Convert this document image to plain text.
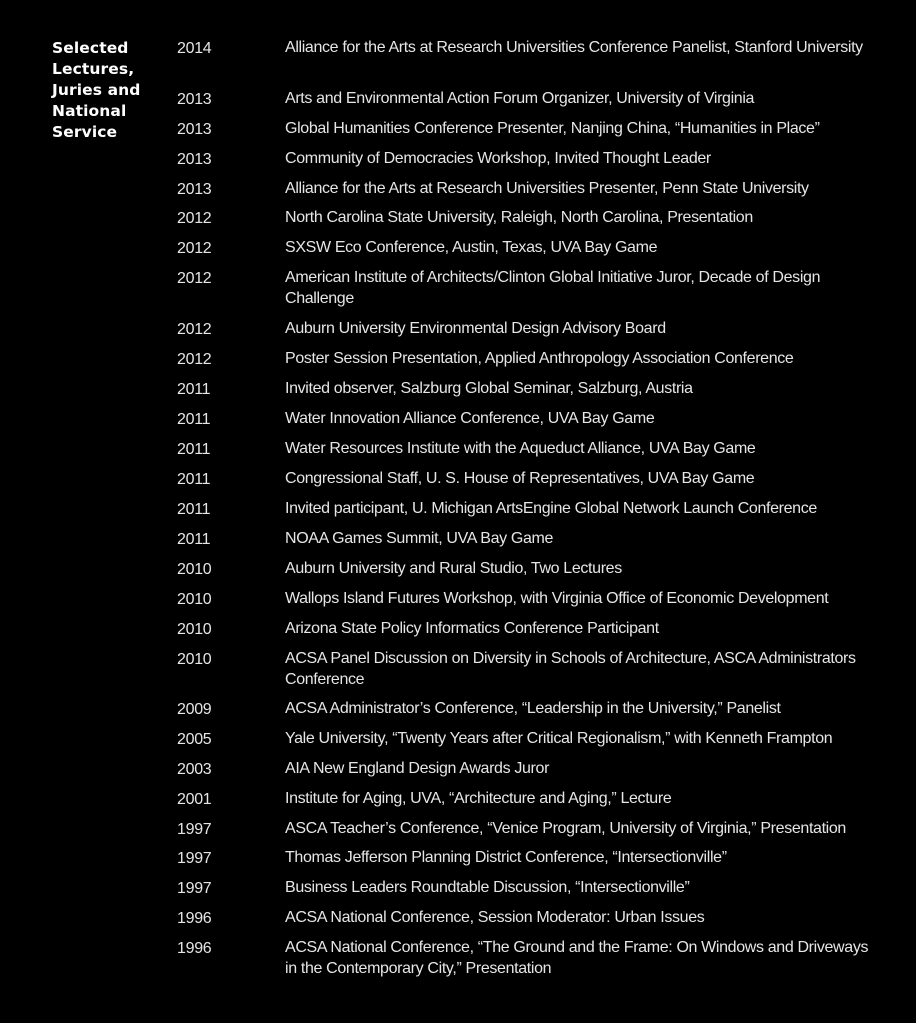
Selected
Lectures,
Juries and
National
Service
2014	Alliance for the Arts at Research Universities Conference Panelist, Stanford University
2013	Arts and Environmental Action Forum Organizer, University of Virginia
2013	Global Humanities Conference Presenter, Nanjing China, “Humanities in Place”
2013	Community of Democracies Workshop, Invited Thought Leader
2013	Alliance for the Arts at Research Universities Presenter, Penn State University
2012	North Carolina State University, Raleigh, North Carolina, Presentation
2012	SXSW Eco Conference, Austin, Texas, UVA Bay Game
2012	American Institute of Architects/Clinton Global Initiative Juror, Decade of Design Challenge
2012	Auburn University Environmental Design Advisory Board
2012	Poster Session Presentation, Applied Anthropology Association Conference
2011	Invited observer, Salzburg Global Seminar, Salzburg, Austria
2011	Water Innovation Alliance Conference, UVA Bay Game
2011	Water Resources Institute with the Aqueduct Alliance, UVA Bay Game
2011	Congressional Staff, U. S. House of Representatives, UVA Bay Game
2011	Invited participant, U. Michigan ArtsEngine Global Network Launch Conference
2011	NOAA Games Summit, UVA Bay Game
2010	Auburn University and Rural Studio, Two Lectures
2010	Wallops Island Futures Workshop, with Virginia Office of Economic Development
2010	Arizona State Policy Informatics Conference Participant
2010	ACSA Panel Discussion on Diversity in Schools of Architecture, ASCA Administrators Conference
2009	ACSA Administrator’s Conference, “Leadership in the University,” Panelist
2005	Yale University, “Twenty Years after Critical Regionalism,” with Kenneth Frampton
2003	AIA New England Design Awards Juror
2001	Institute for Aging, UVA, “Architecture and Aging,” Lecture
1997	ASCA Teacher’s Conference, “Venice Program, University of Virginia,” Presentation
1997	Thomas Jefferson Planning District Conference, “Intersectionville”
1997	Business Leaders Roundtable Discussion, “Intersectionville”
1996	ACSA National Conference, Session Moderator: Urban Issues
1996	ACSA National Conference, “The Ground and the Frame: On Windows and Driveways in the Contemporary City,” Presentation
